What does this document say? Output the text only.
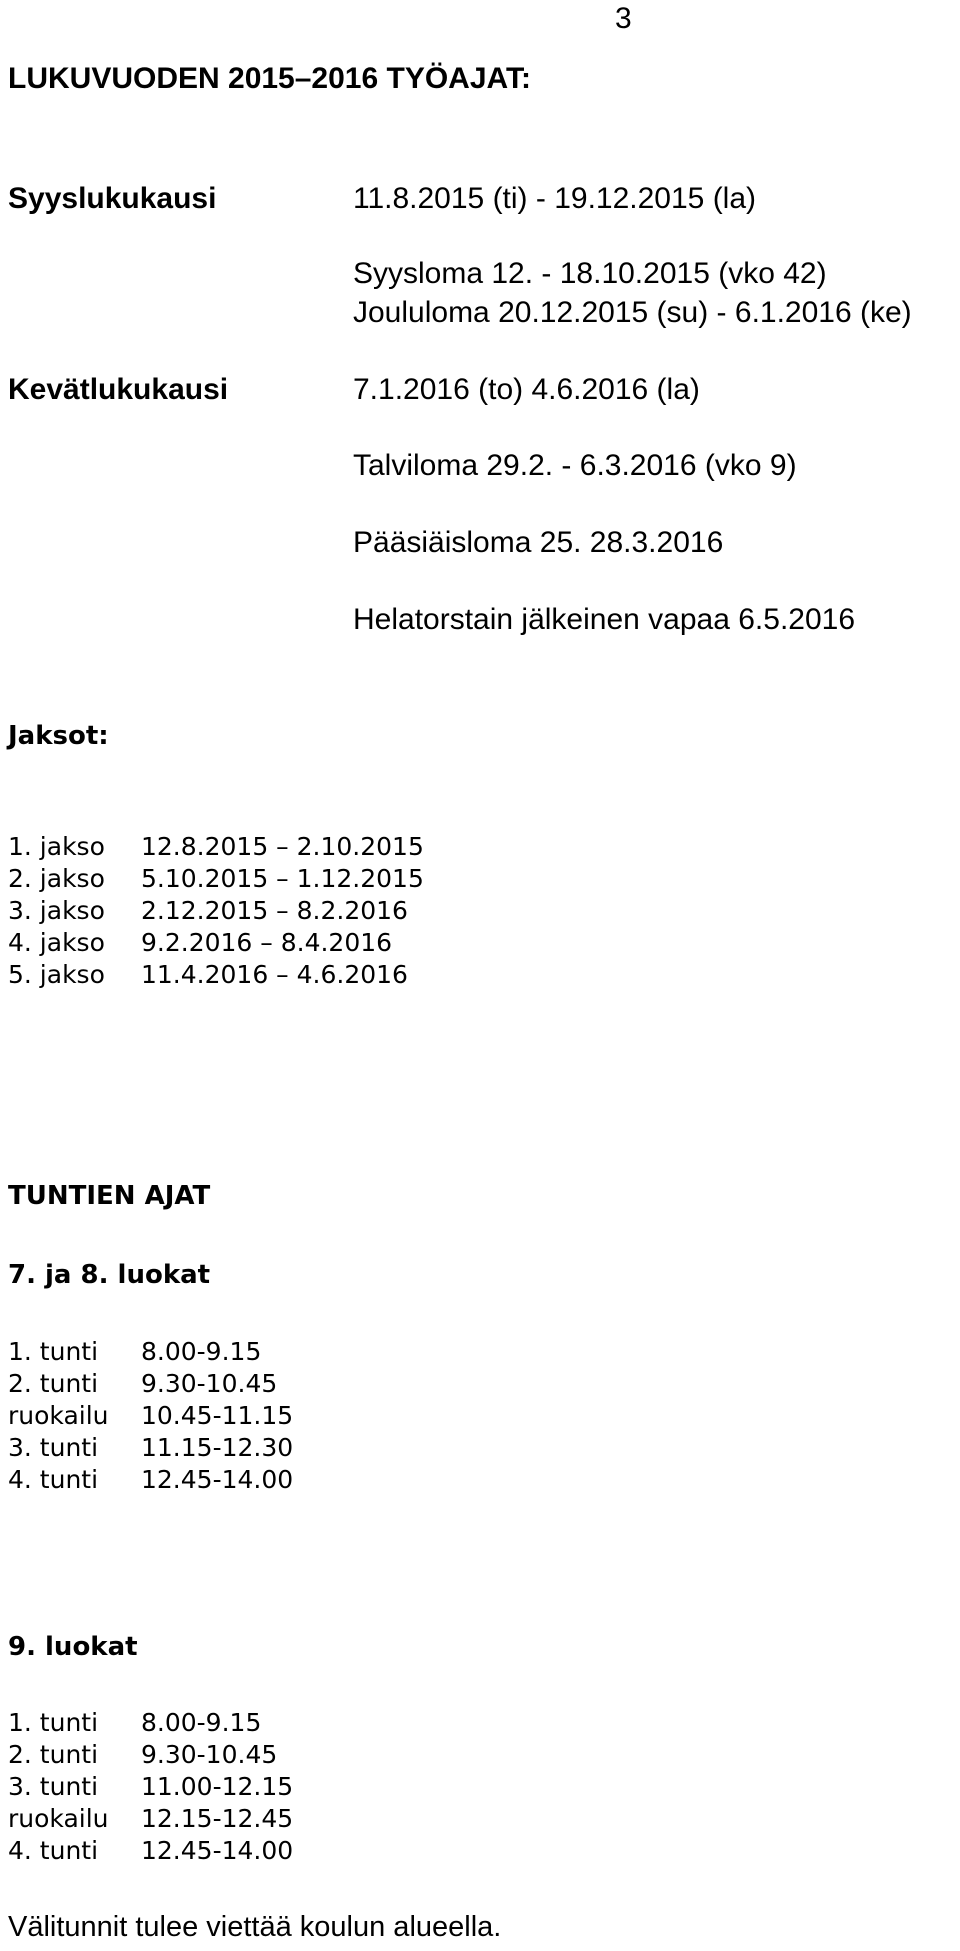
3
LUKUVUODEN 2015–2016 TYÖAJAT:
Syyslukukausi	11.8.2015 (ti) - 19.12.2015 (la)
Syysloma 12. - 18.10.2015 (vko 42)
Joululoma 20.12.2015 (su) - 6.1.2016 (ke)
Kevätlukukausi	7.1.2016 (to) 4.6.2016 (la)
Talviloma 29.2. - 6.3.2016 (vko 9)
Pääsiäisloma 25. 28.3.2016
Helatorstain jälkeinen vapaa 6.5.2016
Jaksot:
1. jakso	12.8.2015 – 2.10.2015
2. jakso	5.10.2015 – 1.12.2015
3. jakso	2.12.2015 – 8.2.2016
4. jakso	9.2.2016 – 8.4.2016
5. jakso	11.4.2016 – 4.6.2016
TUNTIEN AJAT
7. ja 8. luokat
1. tunti	8.00-9.15
2. tunti	9.30-10.45
ruokailu	10.45-11.15
3. tunti	11.15-12.30
4. tunti	12.45-14.00
9. luokat
1. tunti	8.00-9.15
2. tunti	9.30-10.45
3. tunti	11.00-12.15
ruokailu	12.15-12.45
4. tunti	12.45-14.00
Välitunnit tulee viettää koulun alueella.
